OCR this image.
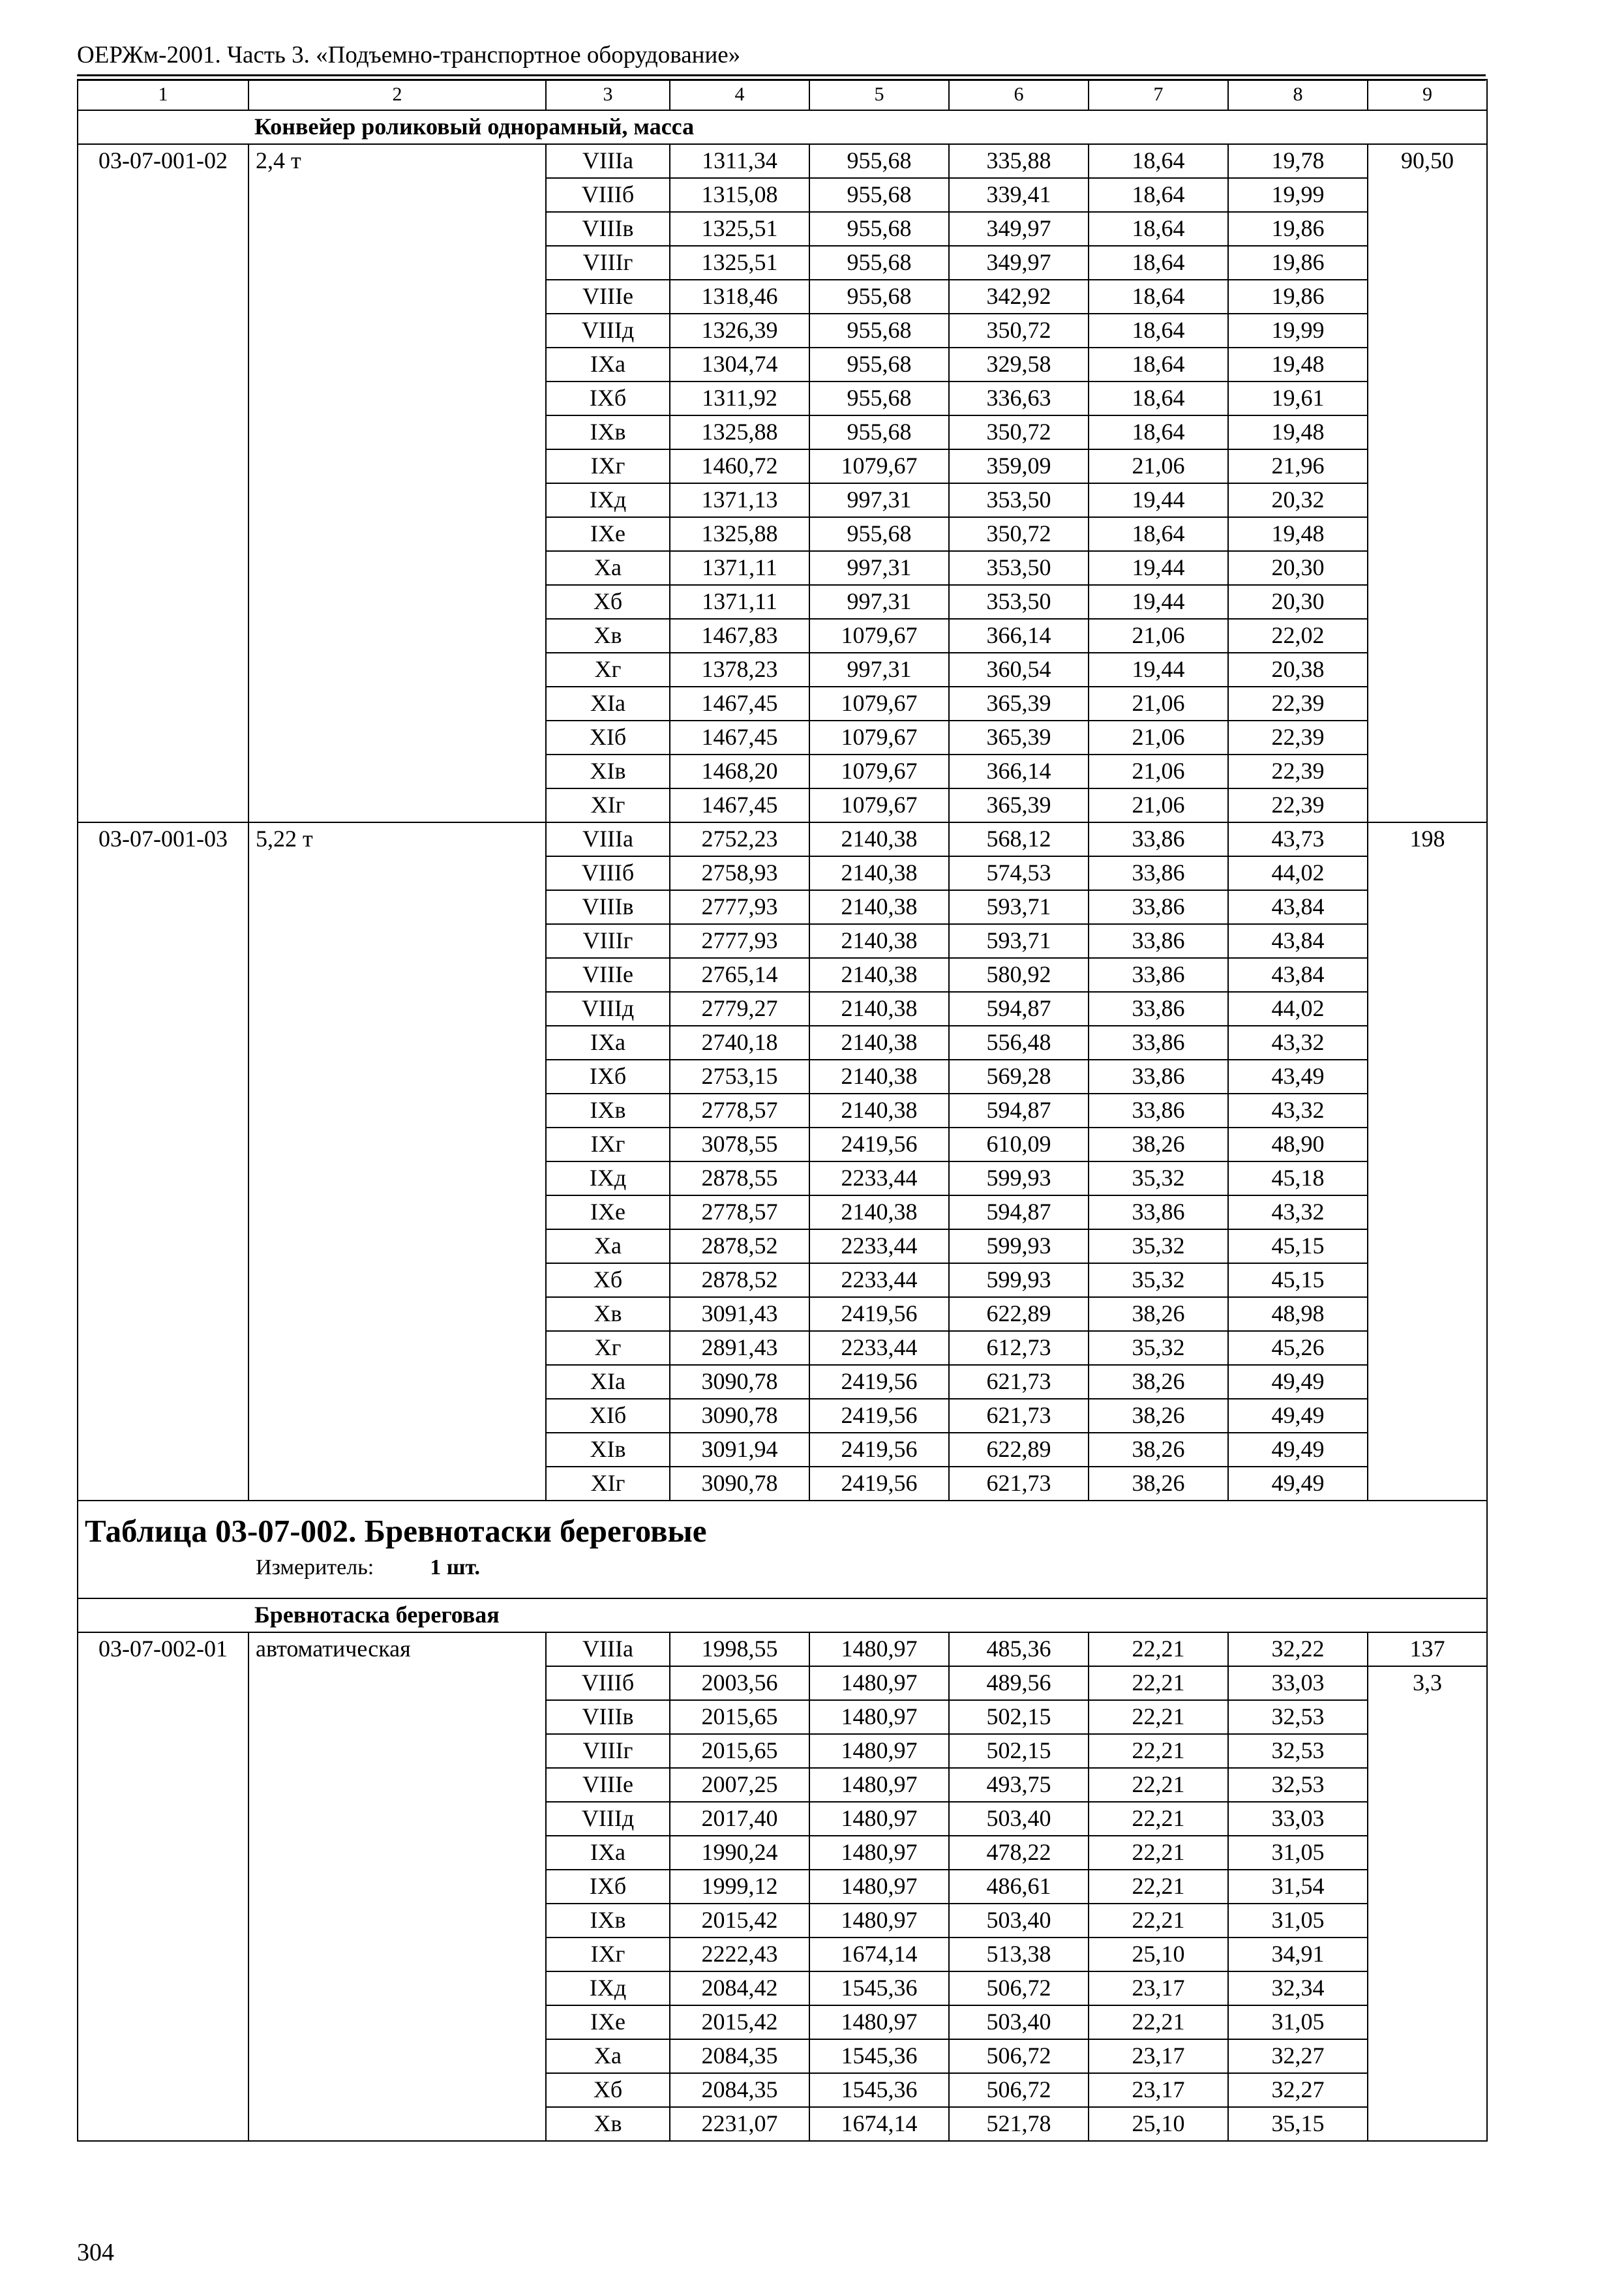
ОЕРЖм-2001. Часть 3. «Подъемно-транспортное оборудование»
1	2	3	4	5	6	7	8	9
Конвейер роликовый однорамный, масса								
03-07-001-02	2,4 т	VIIIа	1311,34	955,68	335,88	18,64	19,78	90,50
		VIIIб	1315,08	955,68	339,41	18,64	19,99	
		VIIIв	1325,51	955,68	349,97	18,64	19,86	
		VIIIг	1325,51	955,68	349,97	18,64	19,86	
		VIIIе	1318,46	955,68	342,92	18,64	19,86	
		VIIIд	1326,39	955,68	350,72	18,64	19,99	
		IXа	1304,74	955,68	329,58	18,64	19,48	
		IXб	1311,92	955,68	336,63	18,64	19,61	
		IXв	1325,88	955,68	350,72	18,64	19,48	
		IXг	1460,72	1079,67	359,09	21,06	21,96	
		IXд	1371,13	997,31	353,50	19,44	20,32	
		IXе	1325,88	955,68	350,72	18,64	19,48	
		Xа	1371,11	997,31	353,50	19,44	20,30	
		Xб	1371,11	997,31	353,50	19,44	20,30	
		Xв	1467,83	1079,67	366,14	21,06	22,02	
		Xг	1378,23	997,31	360,54	19,44	20,38	
		XIа	1467,45	1079,67	365,39	21,06	22,39	
		XIб	1467,45	1079,67	365,39	21,06	22,39	
		XIв	1468,20	1079,67	366,14	21,06	22,39	
		XIг	1467,45	1079,67	365,39	21,06	22,39	
03-07-001-03	5,22 т	VIIIа	2752,23	2140,38	568,12	33,86	43,73	198
		VIIIб	2758,93	2140,38	574,53	33,86	44,02	
		VIIIв	2777,93	2140,38	593,71	33,86	43,84	
		VIIIг	2777,93	2140,38	593,71	33,86	43,84	
		VIIIе	2765,14	2140,38	580,92	33,86	43,84	
		VIIIд	2779,27	2140,38	594,87	33,86	44,02	
		IXа	2740,18	2140,38	556,48	33,86	43,32	
		IXб	2753,15	2140,38	569,28	33,86	43,49	
		IXв	2778,57	2140,38	594,87	33,86	43,32	
		IXг	3078,55	2419,56	610,09	38,26	48,90	
		IXд	2878,55	2233,44	599,93	35,32	45,18	
		IXе	2778,57	2140,38	594,87	33,86	43,32	
		Xа	2878,52	2233,44	599,93	35,32	45,15	
		Xб	2878,52	2233,44	599,93	35,32	45,15	
		Xв	3091,43	2419,56	622,89	38,26	48,98	
		Xг	2891,43	2233,44	612,73	35,32	45,26	
		XIа	3090,78	2419,56	621,73	38,26	49,49	
		XIб	3090,78	2419,56	621,73	38,26	49,49	
		XIв	3091,94	2419,56	622,89	38,26	49,49	
		XIг	3090,78	2419,56	621,73	38,26	49,49	

Таблица 03-07-002. Бревнотаски береговые
Измеритель: 1 шт.								

Бревнотаска береговая								
03-07-002-01	автоматическая	VIIIа	1998,55	1480,97	485,36	22,21	32,22	137
		VIIIб	2003,56	1480,97	489,56	22,21	33,03	3,3
		VIIIв	2015,65	1480,97	502,15	22,21	32,53	
		VIIIг	2015,65	1480,97	502,15	22,21	32,53	
		VIIIе	2007,25	1480,97	493,75	22,21	32,53	
		VIIIд	2017,40	1480,97	503,40	22,21	33,03	
		IXа	1990,24	1480,97	478,22	22,21	31,05	
		IXб	1999,12	1480,97	486,61	22,21	31,54	
		IXв	2015,42	1480,97	503,40	22,21	31,05	
		IXг	2222,43	1674,14	513,38	25,10	34,91	
		IXд	2084,42	1545,36	506,72	23,17	32,34	
		IXе	2015,42	1480,97	503,40	22,21	31,05	
		Xа	2084,35	1545,36	506,72	23,17	32,27	
		Xб	2084,35	1545,36	506,72	23,17	32,27	
		Xв	2231,07	1674,14	521,78	25,10	35,15	
304
